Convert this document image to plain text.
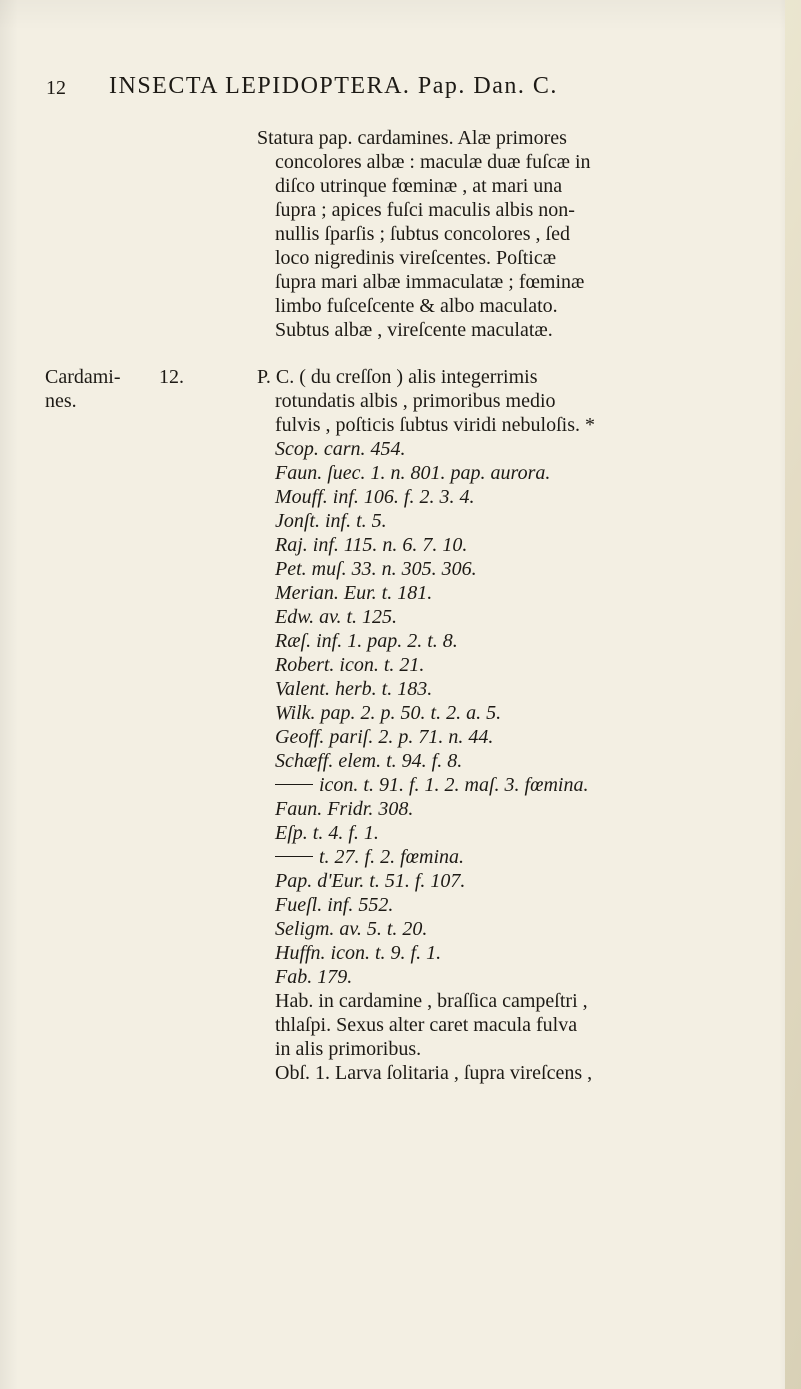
12 INSECTA LEPIDOPTERA. Pap. Dan. C.
Statura pap. cardamines. Alæ primores
concolores albæ : maculæ duæ fuſcæ in
diſco utrinque fœminæ , at mari una
ſupra ; apices fuſci maculis albis non-
nullis ſparſis ; ſubtus concolores , ſed
loco nigredinis vireſcentes. Poſticæ
ſupra mari albæ immaculatæ ; fœminæ
limbo fuſceſcente & albo maculato.
Subtus albæ , vireſcente maculatæ.
Cardami-
nes.
12.	P. C. ( du creſſon ) alis integerrimis
rotundatis albis , primoribus medio
fulvis , poſticis ſubtus viridi nebuloſis. *
Scop. carn. 454.
Faun. ſuec. 1. n. 801. pap. aurora.
Mouff. inf. 106. f. 2. 3. 4.
Jonſt. inf. t. 5.
Raj. inf. 115. n. 6. 7. 10.
Pet. muſ. 33. n. 305. 306.
Merian. Eur. t. 181.
Edw. av. t. 125.
Ræſ. inf. 1. pap. 2. t. 8.
Robert. icon. t. 21.
Valent. herb. t. 183.
Wilk. pap. 2. p. 50. t. 2. a. 5.
Geoff. pariſ. 2. p. 71. n. 44.
Schæff. elem. t. 94. f. 8.
icon. t. 91. f. 1. 2. maſ. 3. fœmina.
Faun. Fridr. 308.
Eſp. t. 4. f. 1.
t. 27. f. 2. fœmina.
Pap. d'Eur. t. 51. f. 107.
Fueſl. inf. 552.
Seligm. av. 5. t. 20.
Huffn. icon. t. 9. f. 1.
Fab. 179.
Hab. in cardamine , braſſica campeſtri ,
thlaſpi. Sexus alter caret macula fulva
in alis primoribus.
Obſ. 1. Larva ſolitaria , ſupra vireſcens ,
